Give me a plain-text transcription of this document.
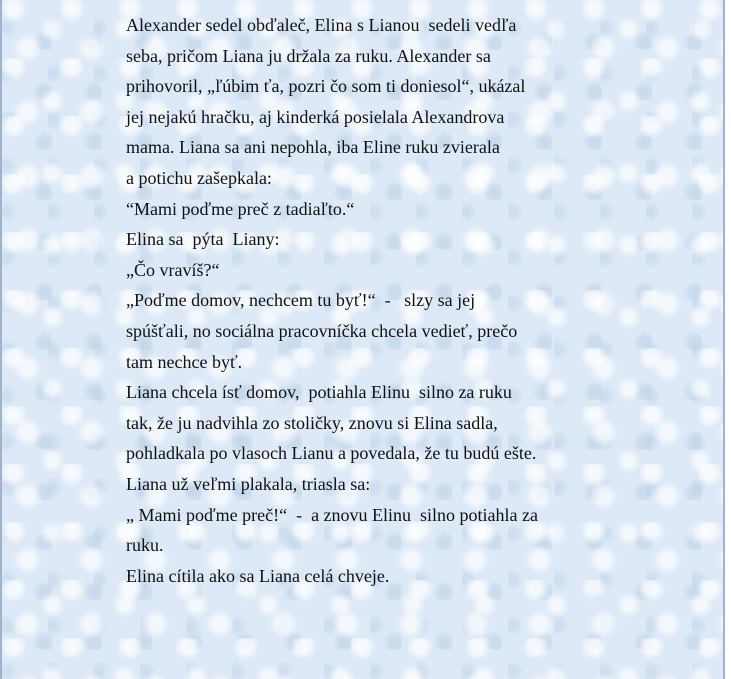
Alexander sedel obďaleč, Elina s Lianou  sedeli vedľa
seba, pričom Liana ju držala za ruku. Alexander sa
prihovoril, „ľúbim ťa, pozri čo som ti doniesol“, ukázal
jej nejakú hračku, aj kinderká posielala Alexandrova
mama. Liana sa ani nepohla, iba Eline ruku zvierala
a potichu zašepkala:
“Mami poďme preč z tadiaľto.“
Elina sa  pýta  Liany:
„Čo vravíš?“
„Poďme domov, nechcem tu byť!“  -   slzy sa jej
spúšťali, no sociálna pracovníčka chcela vedieť, prečo
tam nechce byť.
Liana chcela ísť domov,  potiahla Elinu  silno za ruku
tak, že ju nadvihla zo stoličky, znovu si Elina sadla,
pohladkala po vlasoch Lianu a povedala, že tu budú ešte.
Liana už veľmi plakala, triasla sa:
„ Mami poďme preč!“  -  a znovu Elinu  silno potiahla za
ruku.
Elina cítila ako sa Liana celá chveje.
